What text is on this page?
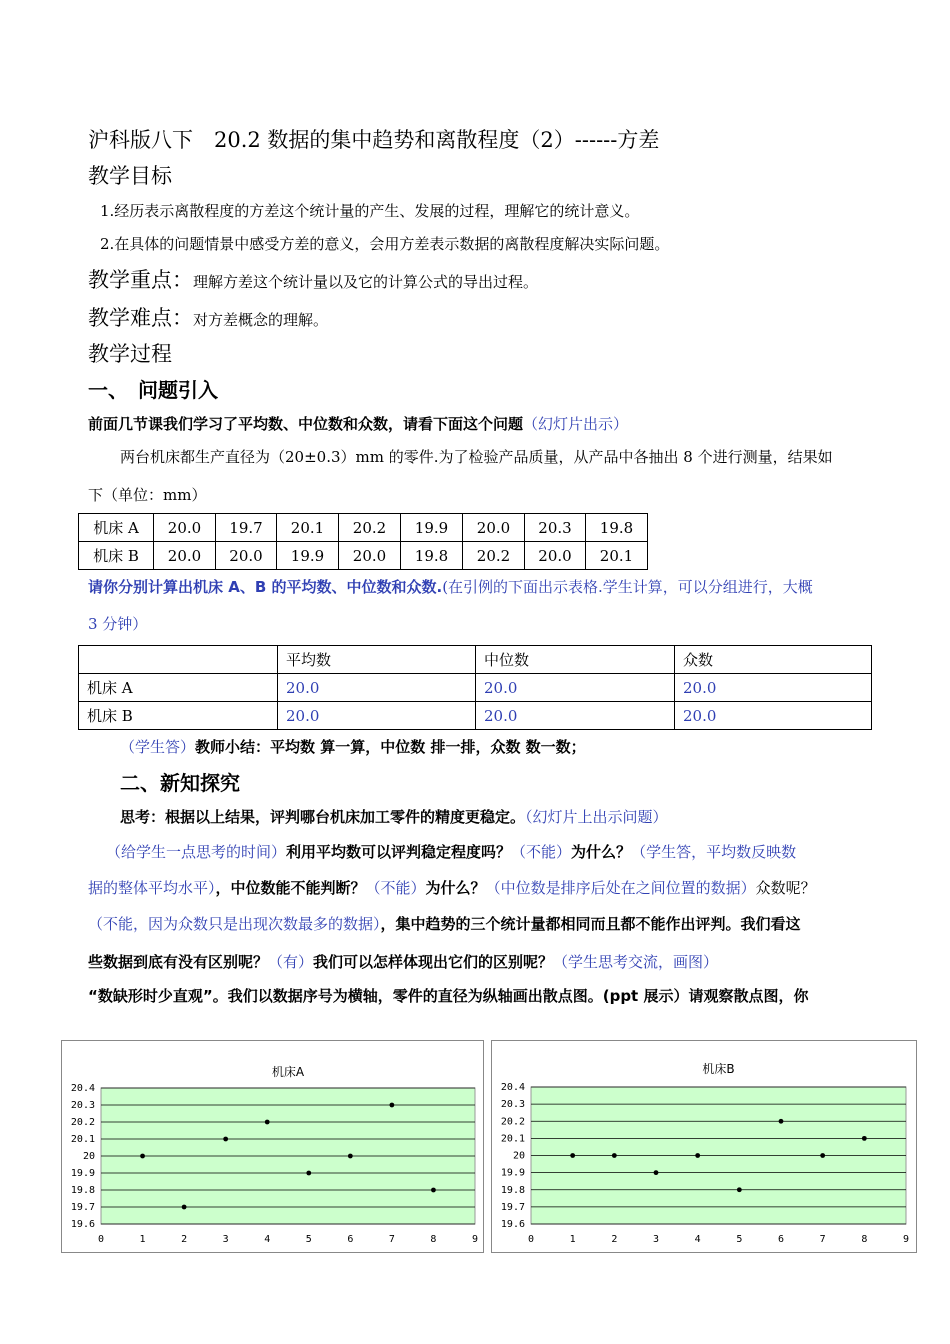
沪科版八下　20.2 数据的集中趋势和离散程度（2）------方差
教学目标
1.经历表示离散程度的方差这个统计量的产生、发展的过程，理解它的统计意义。
2.在具体的问题情景中感受方差的意义，会用方差表示数据的离散程度解决实际问题。
教学重点：理解方差这个统计量以及它的计算公式的导出过程。
教学难点：对方差概念的理解。
教学过程
一、　问题引入
前面几节课我们学习了平均数、中位数和众数，请看下面这个问题（幻灯片出示）
两台机床都生产直径为（20±0.3）mm 的零件.为了检验产品质量，从产品中各抽出 8 个进行测量，结果如
下（单位：mm）
机床 A	20.0	19.7	20.1	20.2	19.9	20.0	20.3	19.8
机床 B	20.0	20.0	19.9	20.0	19.8	20.2	20.0	20.1
请你分别计算出机床 A、B 的平均数、中位数和众数.(在引例的下面出示表格.学生计算，可以分组进行，大概
3 分钟）
	平均数	中位数	众数
机床 A	20.0	20.0	20.0
机床 B	20.0	20.0	20.0
（学生答）教师小结：平均数 算一算，中位数 排一排，众数 数一数；
二、新知探究
思考：根据以上结果，评判哪台机床加工零件的精度更稳定。（幻灯片上出示问题）
（给学生一点思考的时间）利用平均数可以评判稳定程度吗？（不能）为什么？（学生答，平均数反映数
据的整体平均水平），中位数能不能判断？（不能）为什么？（中位数是排序后处在之间位置的数据）众数呢？
（不能，因为众数只是出现次数最多的数据），集中趋势的三个统计量都相同而且都不能作出评判。我们看这
些数据到底有没有区别呢？（有）我们可以怎样体现出它们的区别呢？（学生思考交流，画图）
“数缺形时少直观”。我们以数据序号为横轴，零件的直径为纵轴画出散点图。(ppt 展示）请观察散点图，你
机床A
20.4
20.3
20.2
20.1
20
19.9
19.8
19.7
19.6
0	1	2	3	4	5	6	7	8	9
机床B
20.4
20.3
20.2
20.1
20
19.9
19.8
19.7
19.6
0	1	2	3	4	5	6	7	8	9
